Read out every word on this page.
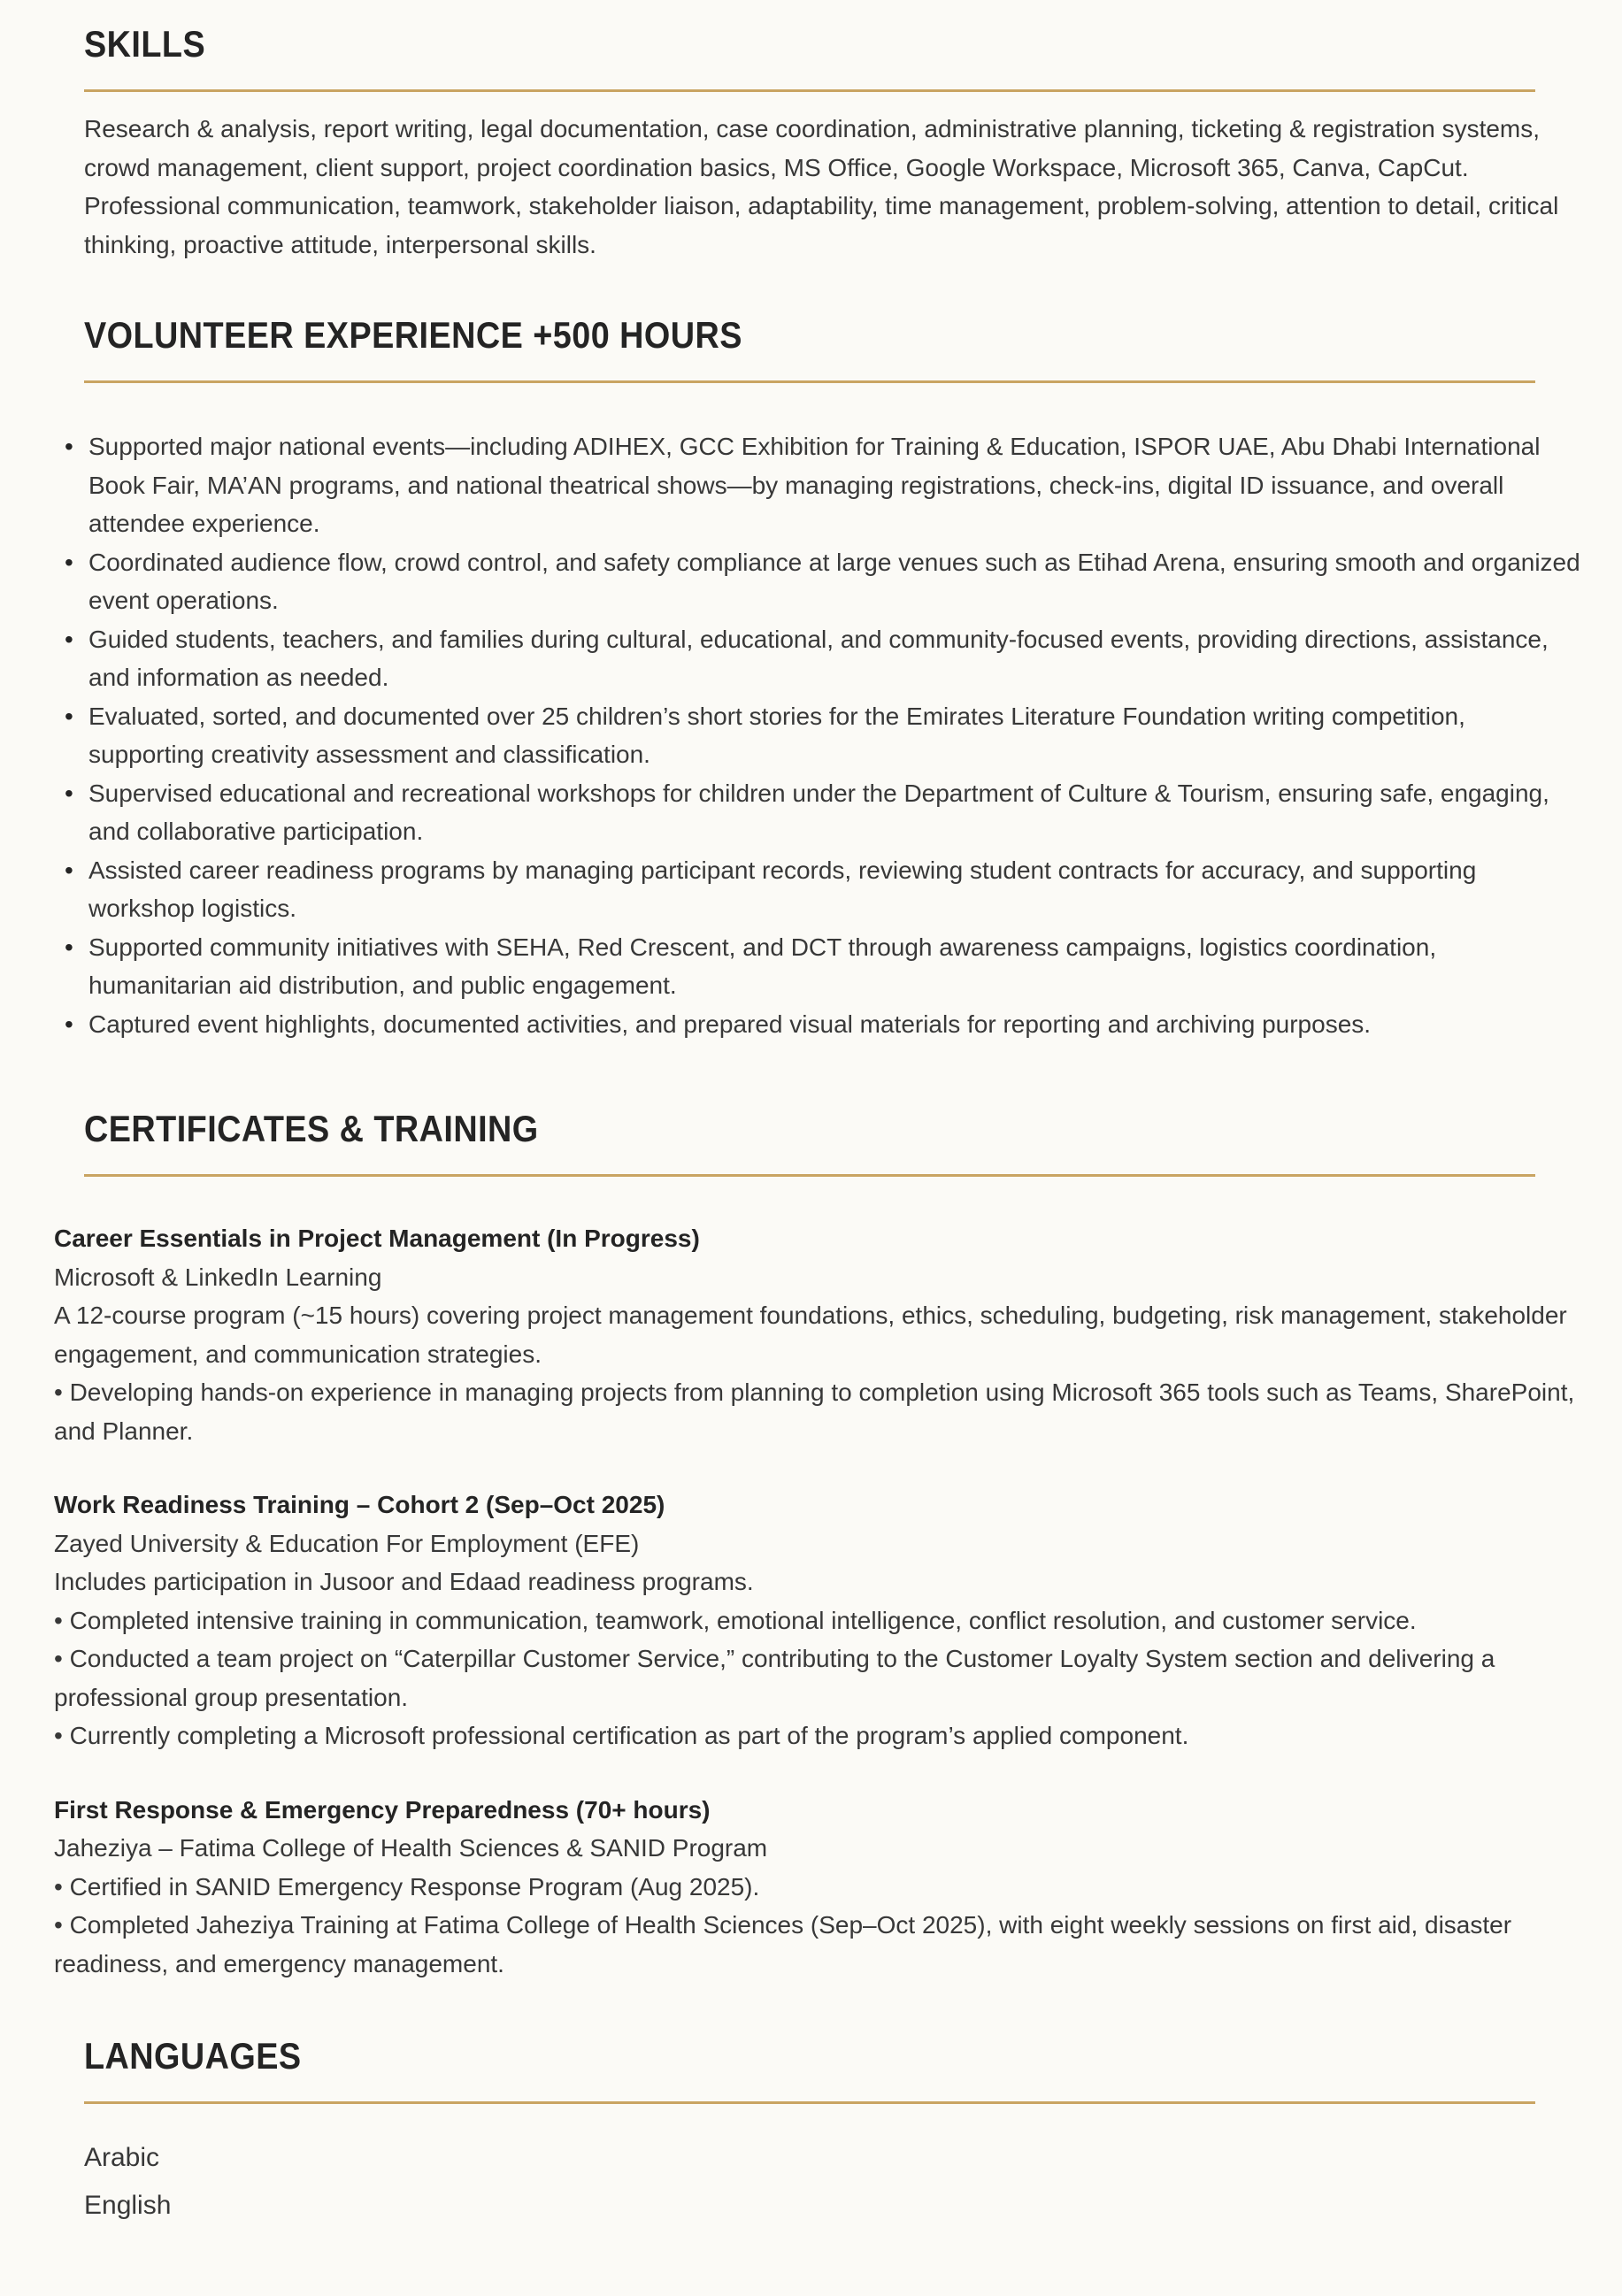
SKILLS

Research & analysis, report writing, legal documentation, case coordination, administrative planning, ticketing & registration systems, crowd management, client support, project coordination basics, MS Office, Google Workspace, Microsoft 365, Canva, CapCut.

Professional communication, teamwork, stakeholder liaison, adaptability, time management, problem-solving, attention to detail, critical thinking, proactive attitude, interpersonal skills.

VOLUNTEER EXPERIENCE +500 HOURS
• Supported major national events—including ADIHEX, GCC Exhibition for Training & Education, ISPOR UAE, Abu Dhabi International Book Fair, MA’AN programs, and national theatrical shows—by managing registrations, check-ins, digital ID issuance, and overall attendee experience.
• Coordinated audience flow, crowd control, and safety compliance at large venues such as Etihad Arena, ensuring smooth and organized event operations.
• Guided students, teachers, and families during cultural, educational, and community-focused events, providing directions, assistance, and information as needed.
• Evaluated, sorted, and documented over 25 children’s short stories for the Emirates Literature Foundation writing competition, supporting creativity assessment and classification.
• Supervised educational and recreational workshops for children under the Department of Culture & Tourism, ensuring safe, engaging, and collaborative participation.
• Assisted career readiness programs by managing participant records, reviewing student contracts for accuracy, and supporting workshop logistics.
• Supported community initiatives with SEHA, Red Crescent, and DCT through awareness campaigns, logistics coordination, humanitarian aid distribution, and public engagement.
• Captured event highlights, documented activities, and prepared visual materials for reporting and archiving purposes.
CERTIFICATES & TRAINING

Career Essentials in Project Management (In Progress)

Microsoft & LinkedIn Learning

A 12-course program (~15 hours) covering project management foundations, ethics, scheduling, budgeting, risk management, stakeholder engagement, and communication strategies.

• Developing hands-on experience in managing projects from planning to completion using Microsoft 365 tools such as Teams, SharePoint, and Planner.

Work Readiness Training – Cohort 2 (Sep–Oct 2025)

Zayed University & Education For Employment (EFE)

Includes participation in Jusoor and Edaad readiness programs.

• Completed intensive training in communication, teamwork, emotional intelligence, conflict resolution, and customer service.

• Conducted a team project on “Caterpillar Customer Service,” contributing to the Customer Loyalty System section and delivering a professional group presentation.

• Currently completing a Microsoft professional certification as part of the program’s applied component.

First Response & Emergency Preparedness (70+ hours)

Jaheziya – Fatima College of Health Sciences & SANID Program

• Certified in SANID Emergency Response Program (Aug 2025).

• Completed Jaheziya Training at Fatima College of Health Sciences (Sep–Oct 2025), with eight weekly sessions on first aid, disaster readiness, and emergency management.

LANGUAGES

Arabic

English
